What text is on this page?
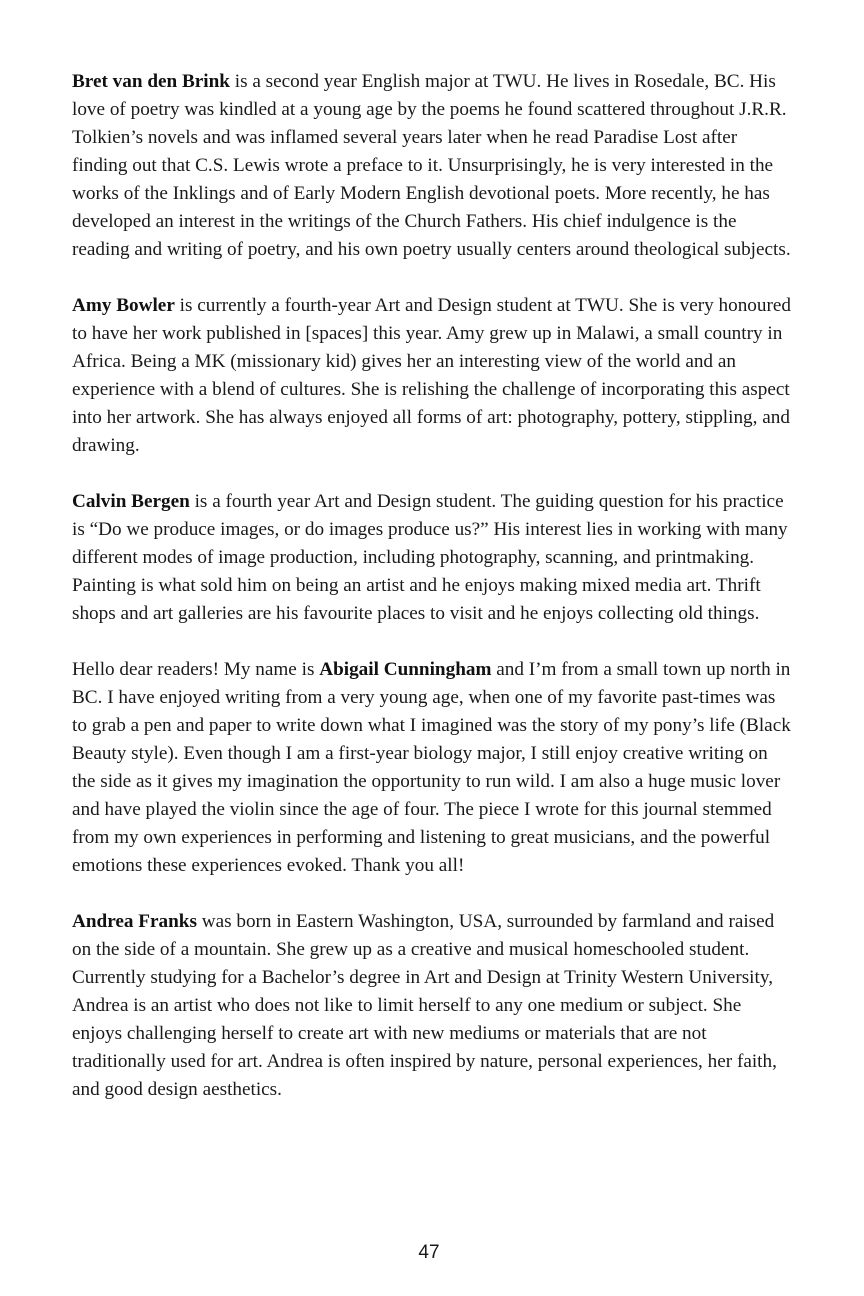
Bret van den Brink is a second year English major at TWU. He lives in Rosedale, BC. His love of poetry was kindled at a young age by the poems he found scattered throughout J.R.R. Tolkien’s novels and was inflamed several years later when he read Paradise Lost after finding out that C.S. Lewis wrote a preface to it. Unsurprisingly, he is very interested in the works of the Inklings and of Early Modern English devotional poets. More recently, he has developed an interest in the writings of the Church Fathers. His chief indulgence is the reading and writing of poetry, and his own poetry usually centers around theological subjects.

Amy Bowler is currently a fourth-year Art and Design student at TWU. She is very honoured to have her work published in [spaces] this year. Amy grew up in Malawi, a small country in Africa. Being a MK (missionary kid) gives her an interesting view of the world and an experience with a blend of cultures. She is relishing the challenge of incorporating this aspect into her artwork. She has always enjoyed all forms of art: photography, pottery, stippling, and drawing.

Calvin Bergen is a fourth year Art and Design student. The guiding question for his practice is “Do we produce images, or do images produce us?” His interest lies in working with many different modes of image production, including photography, scanning, and printmaking. Painting is what sold him on being an artist and he enjoys making mixed media art. Thrift shops and art galleries are his favourite places to visit and he enjoys collecting old things.

Hello dear readers! My name is Abigail Cunningham and I’m from a small town up north in BC. I have enjoyed writing from a very young age, when one of my favorite past-times was to grab a pen and paper to write down what I imagined was the story of my pony’s life (Black Beauty style). Even though I am a first-year biology major, I still enjoy creative writing on the side as it gives my imagination the opportunity to run wild. I am also a huge music lover and have played the violin since the age of four. The piece I wrote for this journal stemmed from my own experiences in performing and listening to great musicians, and the powerful emotions these experiences evoked. Thank you all!

Andrea Franks was born in Eastern Washington, USA, surrounded by farmland and raised on the side of a mountain. She grew up as a creative and musical homeschooled student. Currently studying for a Bachelor’s degree in Art and Design at Trinity Western University, Andrea is an artist who does not like to limit herself to any one medium or subject. She enjoys challenging herself to create art with new mediums or materials that are not traditionally used for art. Andrea is often inspired by nature, personal experiences, her faith, and good design aesthetics.

47
